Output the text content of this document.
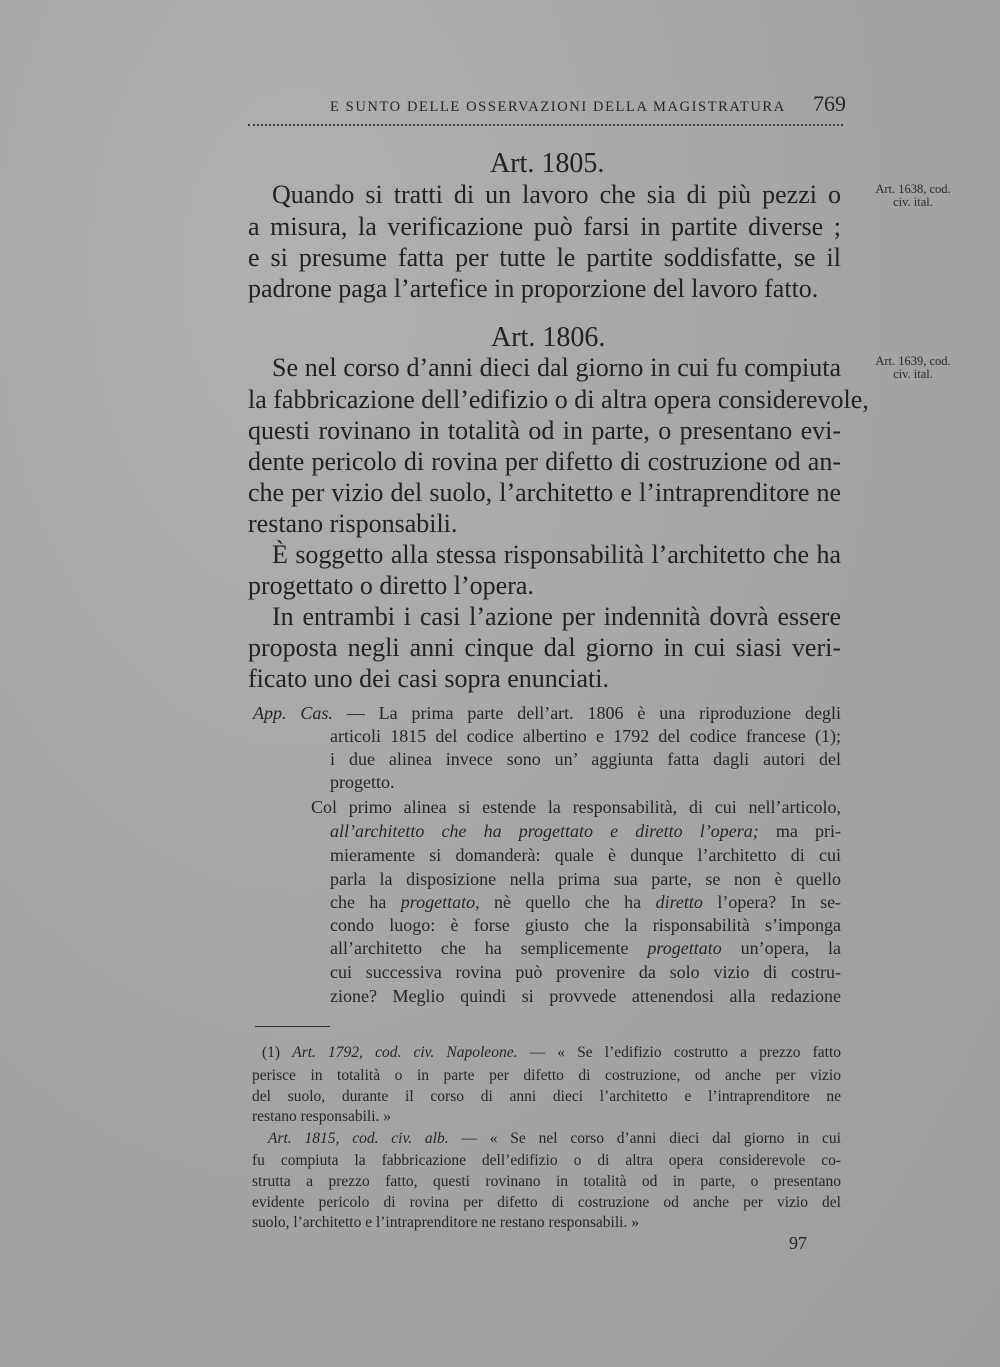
E SUNTO DELLE OSSERVAZIONI DELLA MAGISTRATURA 769
Art. 1805.
Art. 1638, cod.
civ. ital.
Quando si tratti di un lavoro che sia di più pezzi o
a misura, la verificazione può farsi in partite diverse ;
e si presume fatta per tutte le partite soddisfatte, se il
padrone paga l’artefice in proporzione del lavoro fatto.
Art. 1806.
Art. 1639, cod.
civ. ital.
Se nel corso d’anni dieci dal giorno in cui fu compiuta
la fabbricazione dell’edifizio o di altra opera considerevole,
questi rovinano in totalità od in parte, o presentano evi-
dente pericolo di rovina per difetto di costruzione od an-
che per vizio del suolo, l’architetto e l’intraprenditore ne
restano risponsabili.
È soggetto alla stessa risponsabilità l’architetto che ha
progettato o diretto l’opera.
In entrambi i casi l’azione per indennità dovrà essere
proposta negli anni cinque dal giorno in cui siasi veri-
ficato uno dei casi sopra enunciati.
App. Cas. — La prima parte dell’art. 1806 è una riproduzione degli
articoli 1815 del codice albertino e 1792 del codice francese (1);
i due alinea invece sono un’ aggiunta fatta dagli autori del
progetto.
Col primo alinea si estende la responsabilità, di cui nell’articolo,
all’architetto che ha progettato e diretto l’opera; ma pri-
mieramente si domanderà: quale è dunque l’architetto di cui
parla la disposizione nella prima sua parte, se non è quello
che ha progettato, nè quello che ha diretto l’opera? In se-
condo luogo: è forse giusto che la risponsabilità s’imponga
all’architetto che ha semplicemente progettato un’opera, la
cui successiva rovina può provenire da solo vizio di costru-
zione? Meglio quindi si provvede attenendosi alla redazione
(1) Art. 1792, cod. civ. Napoleone. — « Se l’edifizio costrutto a prezzo fatto
perisce in totalità o in parte per difetto di costruzione, od anche per vizio
del suolo, durante il corso di anni dieci l’architetto e l’intraprenditore ne
restano responsabili. »
Art. 1815, cod. civ. alb. — « Se nel corso d’anni dieci dal giorno in cui
fu compiuta la fabbricazione dell’edifizio o di altra opera considerevole co-
strutta a prezzo fatto, questi rovinano in totalità od in parte, o presentano
evidente pericolo di rovina per difetto di costruzione od anche per vizio del
suolo, l’architetto e l’intraprenditore ne restano responsabili. »
97
